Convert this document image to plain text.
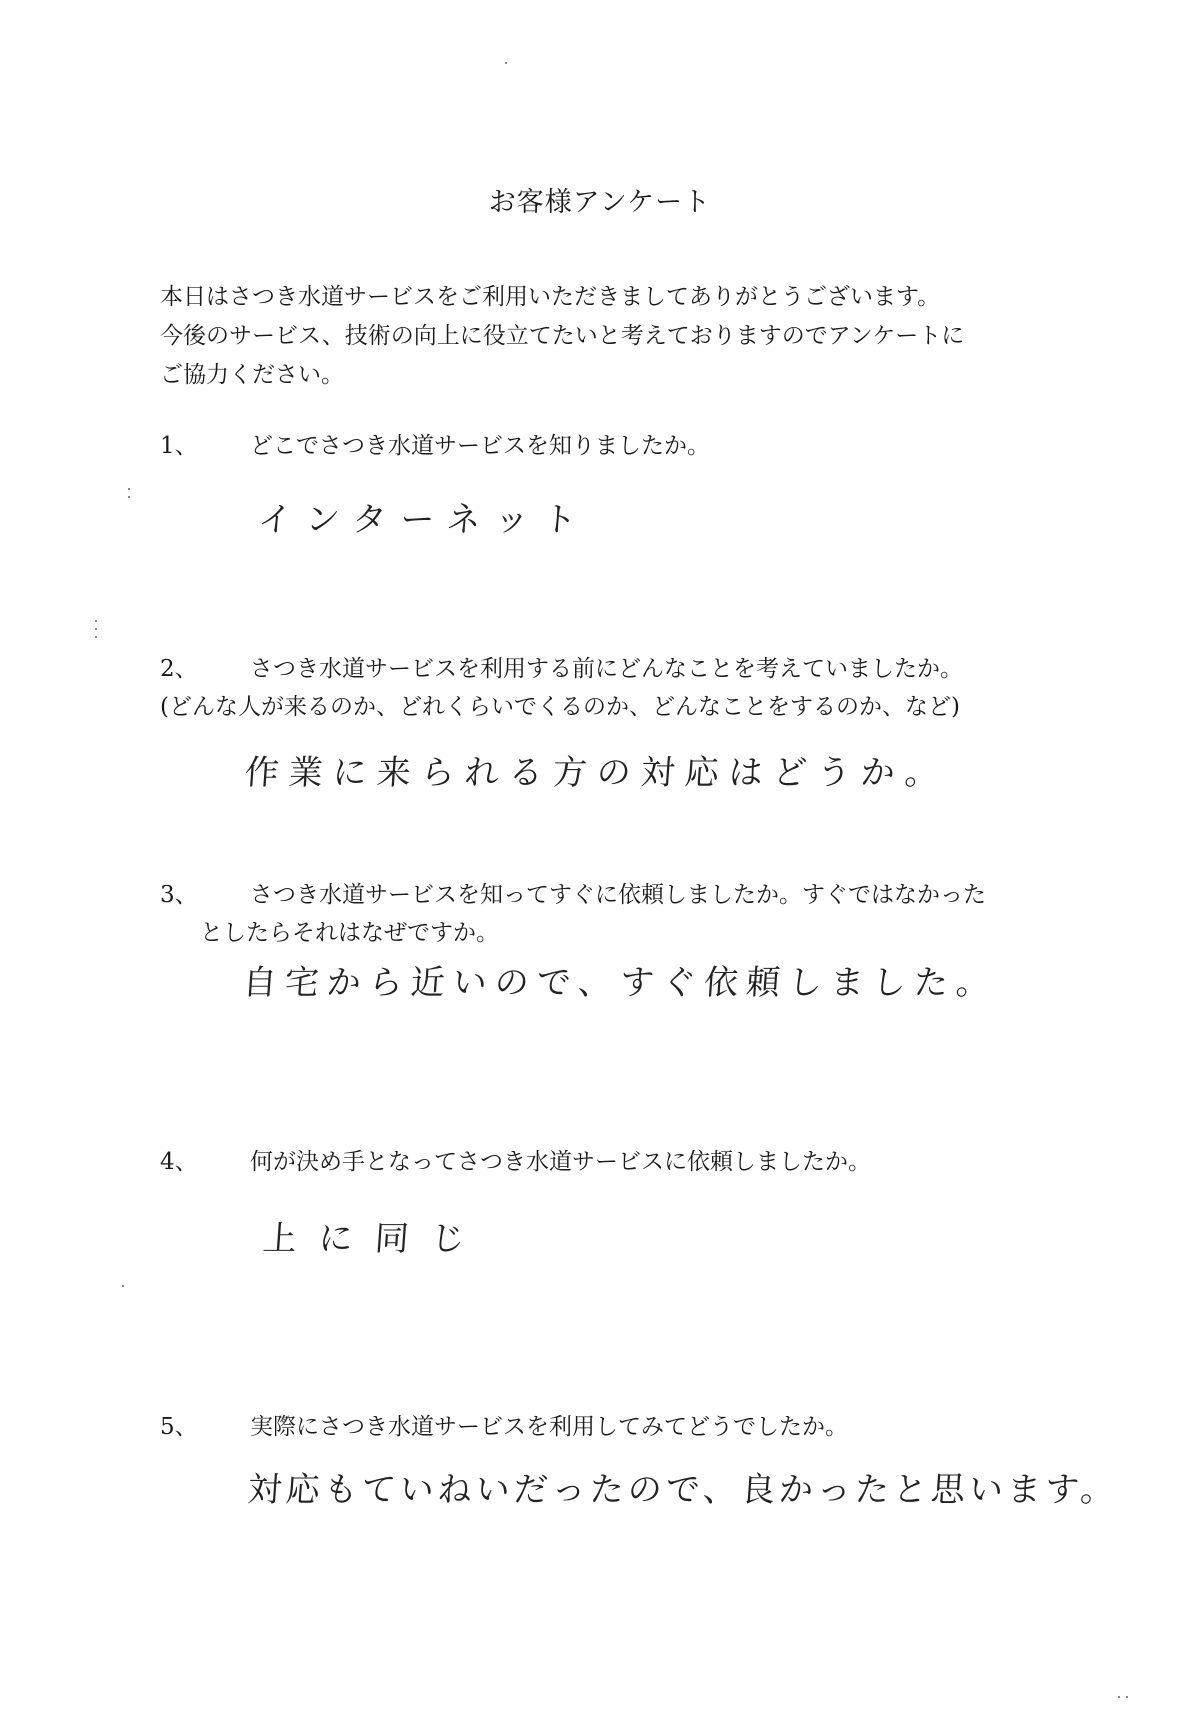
お客様アンケート

本日はさつき水道サービスをご利用いただきましてありがとうございます。

今後のサービス、技術の向上に役立てたいと考えておりますのでアンケートに

ご協力ください。

1、 どこでさつき水道サービスを知りましたか。
インターネット
2、 さつき水道サービスを利用する前にどんなことを考えていましたか。
(どんな人が来るのか、どれくらいでくるのか、どんなことをするのか、など)
作業に来られる方の対応はどうか。
3、 さつき水道サービスを知ってすぐに依頼しましたか。すぐではなかった
としたらそれはなぜですか。
自宅から近いので、すぐ依頼しました。
4、 何が決め手となってさつき水道サービスに依頼しましたか。
上に同じ
5、 実際にさつき水道サービスを利用してみてどうでしたか。
対応もていねいだったので、良かったと思います。
